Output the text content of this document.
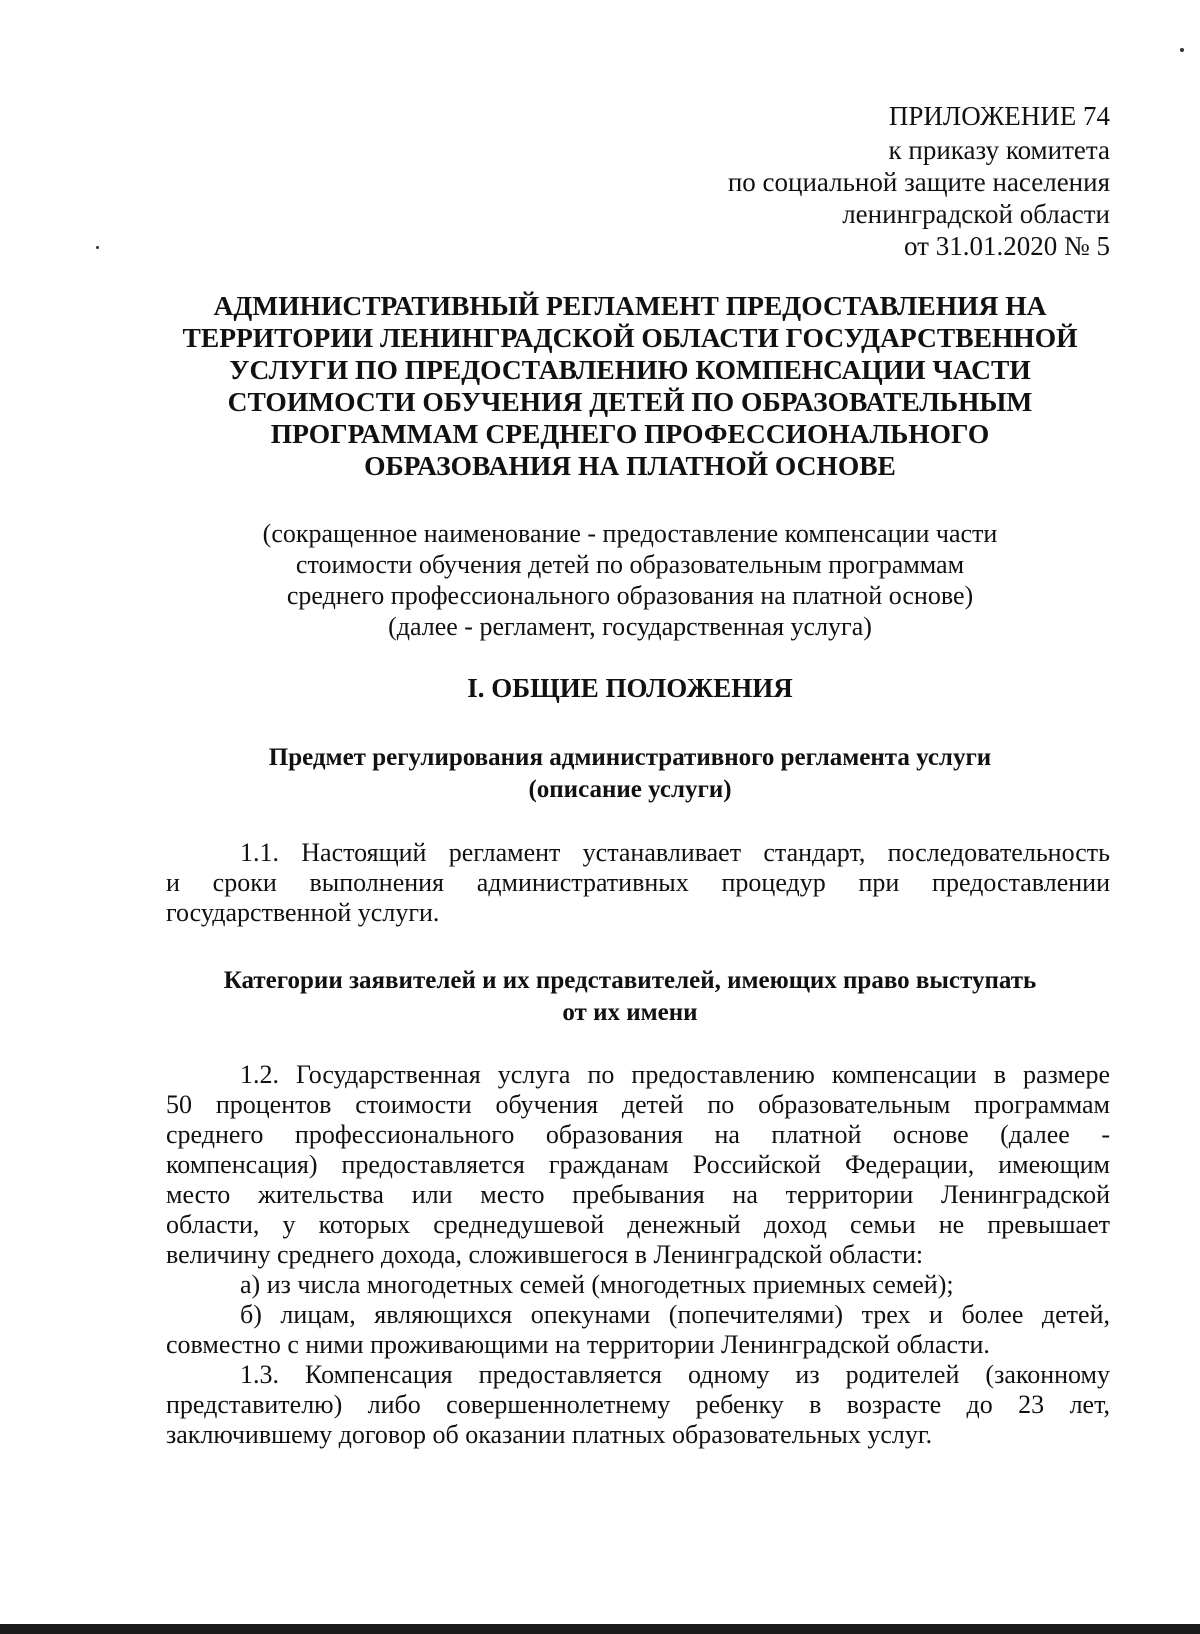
ПРИЛОЖЕНИЕ 74
к приказу комитета
по социальной защите населения
ленинградской области
от 31.01.2020 № 5
АДМИНИСТРАТИВНЫЙ РЕГЛАМЕНТ ПРЕДОСТАВЛЕНИЯ НА
ТЕРРИТОРИИ ЛЕНИНГРАДСКОЙ ОБЛАСТИ ГОСУДАРСТВЕННОЙ
УСЛУГИ ПО ПРЕДОСТАВЛЕНИЮ КОМПЕНСАЦИИ ЧАСТИ
СТОИМОСТИ ОБУЧЕНИЯ ДЕТЕЙ ПО ОБРАЗОВАТЕЛЬНЫМ
ПРОГРАММАМ СРЕДНЕГО ПРОФЕССИОНАЛЬНОГО
ОБРАЗОВАНИЯ НА ПЛАТНОЙ ОСНОВЕ
(сокращенное наименование - предоставление компенсации части
стоимости обучения детей по образовательным программам
среднего профессионального образования на платной основе)
(далее - регламент, государственная услуга)
I. ОБЩИЕ ПОЛОЖЕНИЯ
Предмет регулирования административного регламента услуги
(описание услуги)
1.1. Настоящий регламент устанавливает стандарт, последовательность
и сроки выполнения административных процедур при предоставлении
государственной услуги.
Категории заявителей и их представителей, имеющих право выступать
от их имени
1.2. Государственная услуга по предоставлению компенсации в размере
50 процентов стоимости обучения детей по образовательным программам
среднего профессионального образования на платной основе (далее -
компенсация) предоставляется гражданам Российской Федерации, имеющим
место жительства или место пребывания на территории Ленинградской
области, у которых среднедушевой денежный доход семьи не превышает
величину среднего дохода, сложившегося в Ленинградской области:
а) из числа многодетных семей (многодетных приемных семей);
б) лицам, являющихся опекунами (попечителями) трех и более детей,
совместно с ними проживающими на территории Ленинградской области.
1.3. Компенсация предоставляется одному из родителей (законному
представителю) либо совершеннолетнему ребенку в возрасте до 23 лет,
заключившему договор об оказании платных образовательных услуг.
